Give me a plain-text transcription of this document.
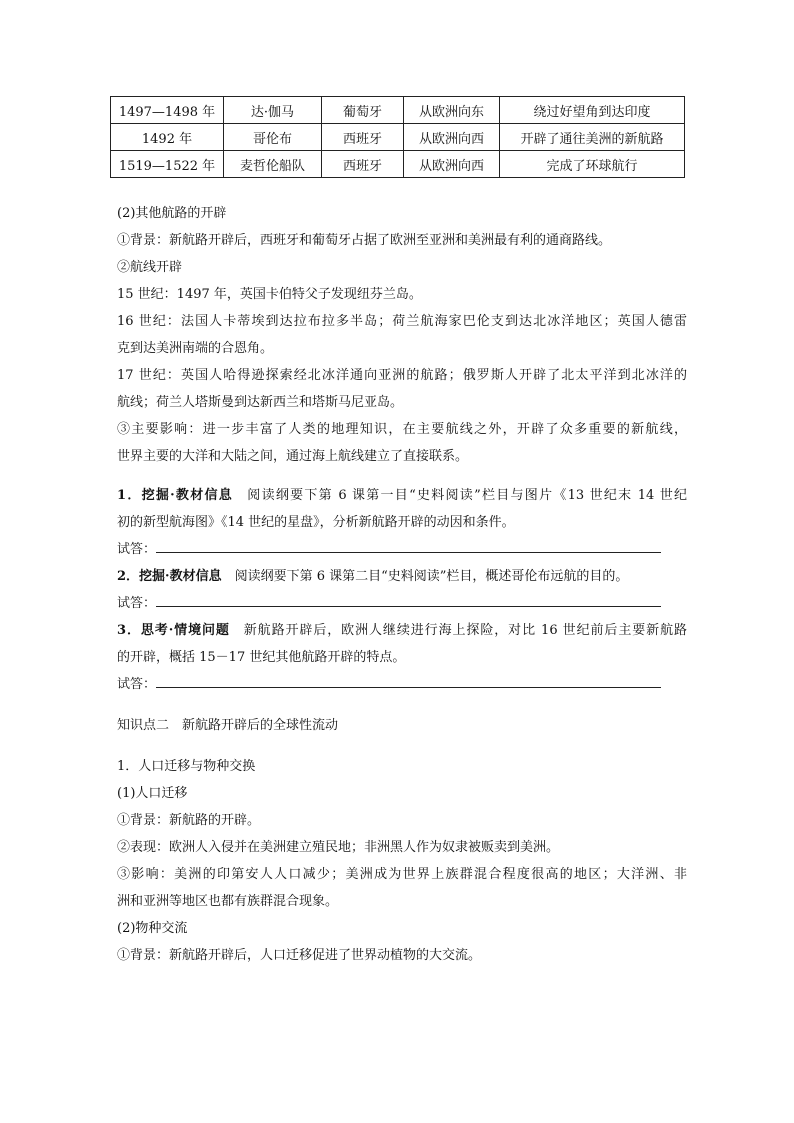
1497—1498 年	达·伽马	葡萄牙	从欧洲向东	绕过好望角到达印度
1492 年	哥伦布	西班牙	从欧洲向西	开辟了通往美洲的新航路
1519—1522 年	麦哲伦船队	西班牙	从欧洲向西	完成了环球航行
(2)其他航路的开辟
①背景：新航路开辟后，西班牙和葡萄牙占据了欧洲至亚洲和美洲最有利的通商路线。
②航线开辟
15 世纪：1497 年，英国卡伯特父子发现纽芬兰岛。
16 世纪：法国人卡蒂埃到达拉布拉多半岛；荷兰航海家巴伦支到达北冰洋地区；英国人德雷
克到达美洲南端的合恩角。
17 世纪：英国人哈得逊探索经北冰洋通向亚洲的航路；俄罗斯人开辟了北太平洋到北冰洋的
航线；荷兰人塔斯曼到达新西兰和塔斯马尼亚岛。
③主要影响：进一步丰富了人类的地理知识，在主要航线之外，开辟了众多重要的新航线，
世界主要的大洋和大陆之间，通过海上航线建立了直接联系。
1．挖掘·教材信息　 阅读纲要下第 6 课第一目“史料阅读”栏目与图片《13 世纪末 14 世纪
初的新型航海图》《14 世纪的星盘》，分析新航路开辟的动因和条件。
试答：
2．挖掘·教材信息　 阅读纲要下第 6 课第二目“史料阅读”栏目，概述哥伦布远航的目的。
试答：
3．思考·情境问题　 新航路开辟后，欧洲人继续进行海上探险，对比 16 世纪前后主要新航路
的开辟，概括 15－17 世纪其他航路开辟的特点。
试答：
知识点二　新航路开辟后的全球性流动
1．人口迁移与物种交换
(1)人口迁移
①背景：新航路的开辟。
②表现：欧洲人入侵并在美洲建立殖民地；非洲黑人作为奴隶被贩卖到美洲。
③影响：美洲的印第安人人口减少；美洲成为世界上族群混合程度很高的地区；大洋洲、非
洲和亚洲等地区也都有族群混合现象。
(2)物种交流
①背景：新航路开辟后，人口迁移促进了世界动植物的大交流。
